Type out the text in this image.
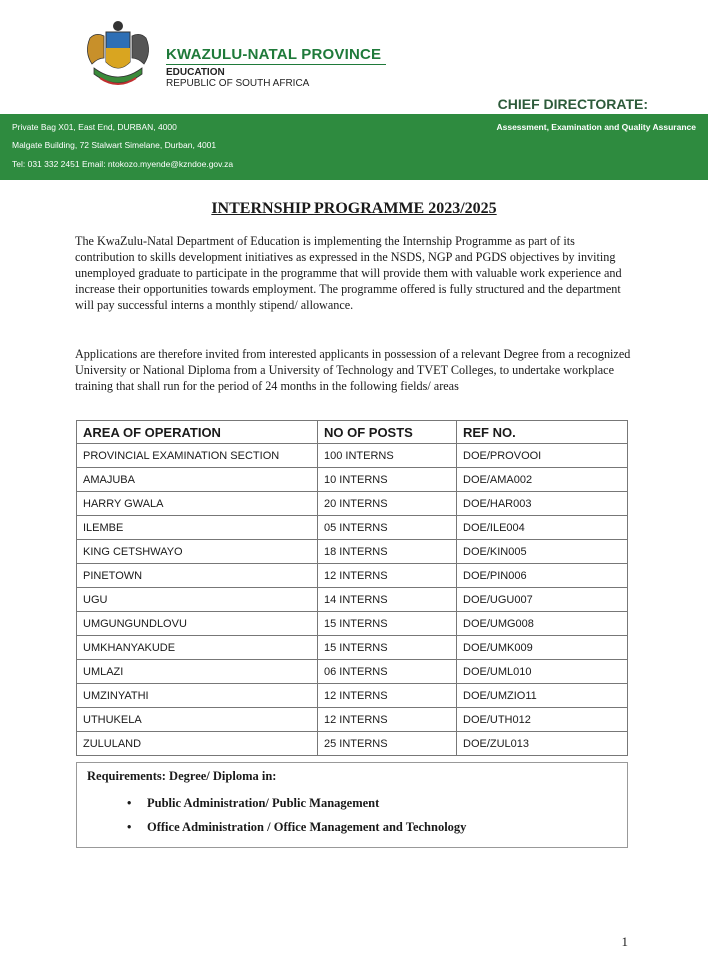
KWAZULU-NATAL PROVINCE
EDUCATION
REPUBLIC OF SOUTH AFRICA
CHIEF DIRECTORATE:
Private Bag X01, East End, DURBAN, 4000
Malgate Building, 72 Stalwart Simelane, Durban, 4001
Tel: 031 332 2451 Email: ntokozo.myende@kzndoe.gov.za
Assessment, Examination and Quality Assurance
INTERNSHIP PROGRAMME 2023/2025

The KwaZulu-Natal Department of Education is implementing the Internship Programme as part of its contribution to skills development initiatives as expressed in the NSDS, NGP and PGDS objectives by inviting unemployed graduate to participate in the programme that will provide them with valuable work experience and increase their opportunities towards employment. The programme offered is fully structured and the department will pay successful interns a monthly stipend/ allowance.

Applications are therefore invited from interested applicants in possession of a relevant Degree from a recognized University or National Diploma from a University of Technology and TVET Colleges, to undertake workplace training that shall run for the period of 24 months in the following fields/ areas

AREA OF OPERATION	NO OF POSTS	REF NO.
PROVINCIAL EXAMINATION SECTION	100 INTERNS	DOE/PROVOOI
AMAJUBA	10 INTERNS	DOE/AMA002
HARRY GWALA	20 INTERNS	DOE/HAR003
ILEMBE	05 INTERNS	DOE/ILE004
KING CETSHWAYO	18 INTERNS	DOE/KIN005
PINETOWN	12 INTERNS	DOE/PIN006
UGU	14 INTERNS	DOE/UGU007
UMGUNGUNDLOVU	15 INTERNS	DOE/UMG008
UMKHANYAKUDE	15 INTERNS	DOE/UMK009
UMLAZI	06 INTERNS	DOE/UML010
UMZINYATHI	12 INTERNS	DOE/UMZIO11
UTHUKELA	12 INTERNS	DOE/UTH012
ZULULAND	25 INTERNS	DOE/ZUL013
Requirements: Degree/ Diploma in:
• Public Administration/ Public Management
• Office Administration / Office Management and Technology
1
